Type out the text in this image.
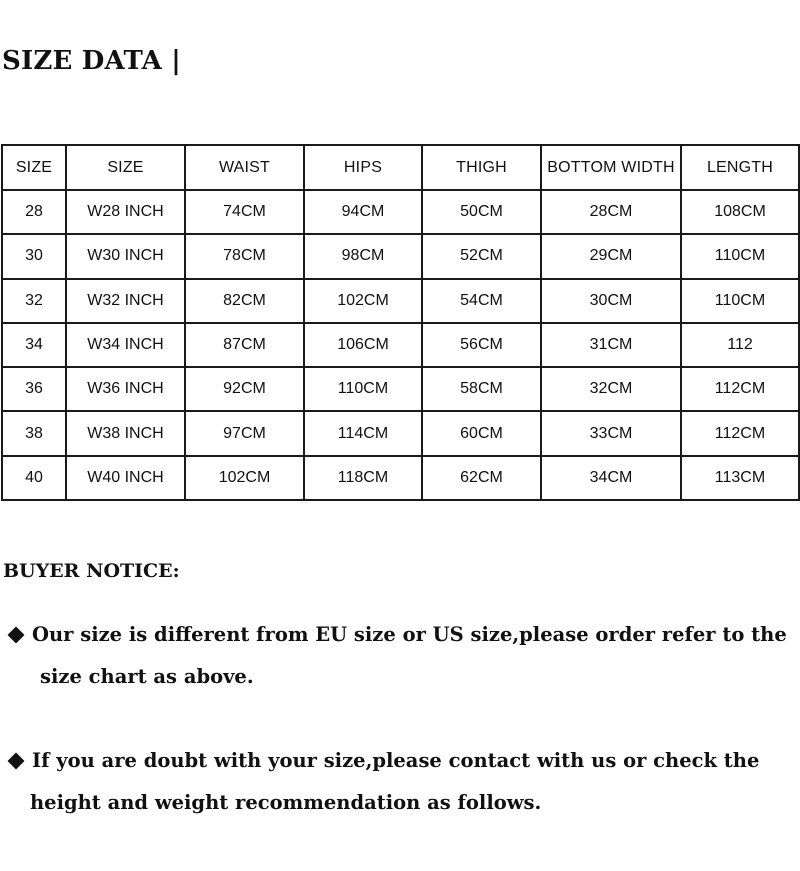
SIZE DATA |
SIZE	SIZE	WAIST	HIPS	THIGH	BOTTOM WIDTH	LENGTH
28	W28 INCH	74CM	94CM	50CM	28CM	108CM
30	W30 INCH	78CM	98CM	52CM	29CM	110CM
32	W32 INCH	82CM	102CM	54CM	30CM	110CM
34	W34 INCH	87CM	106CM	56CM	31CM	112
36	W36 INCH	92CM	110CM	58CM	32CM	112CM
38	W38 INCH	97CM	114CM	60CM	33CM	112CM
40	W40 INCH	102CM	118CM	62CM	34CM	113CM
BUYER NOTICE:
Our size is different from EU size or US size,please order refer to the
size chart as above.
If you are doubt with your size,please contact with us or check the
height and weight recommendation as follows.
